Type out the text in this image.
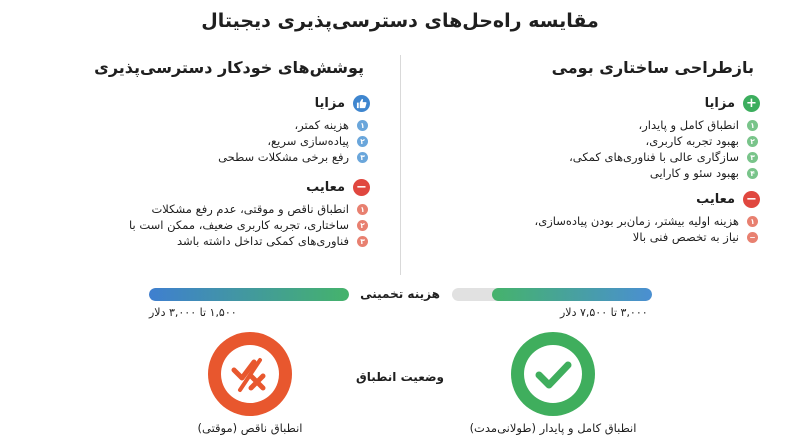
مقایسه راه‌حل‌های دسترسی‌پذیری دیجیتال
بازطراحی ساختاری بومی
+
مزایا
۱
انطباق کامل و پایدار،
۲
بهبود تجربه کاربری،
۳
سازگاری عالی با فناوری‌های کمکی،
۴
بهبود سئو و کارایی
−
معایب
۱
هزینه اولیه بیشتر، زمان‌بر بودن پیاده‌سازی،
−
نیاز به تخصص فنی بالا
پوشش‌های خودکار دسترسی‌پذیری
مزایا
۱
هزینه کمتر،
۲
پیاده‌سازی سریع،
۳
رفع برخی مشکلات سطحی
−
معایب
۱
انطباق ناقص و موقتی، عدم رفع مشکلات
۲
ساختاری، تجربه کاربری ضعیف، ممکن است با
۳
فناوری‌های کمکی تداخل داشته باشد
هزینه تخمینی
۱,۵۰۰ تا ۳,۰۰۰ دلار	۳,۰۰۰ تا ۷,۵۰۰ دلار
وضعیت انطباق
انطباق ناقص (موقتی)	انطباق کامل و پایدار (طولانی‌مدت)
